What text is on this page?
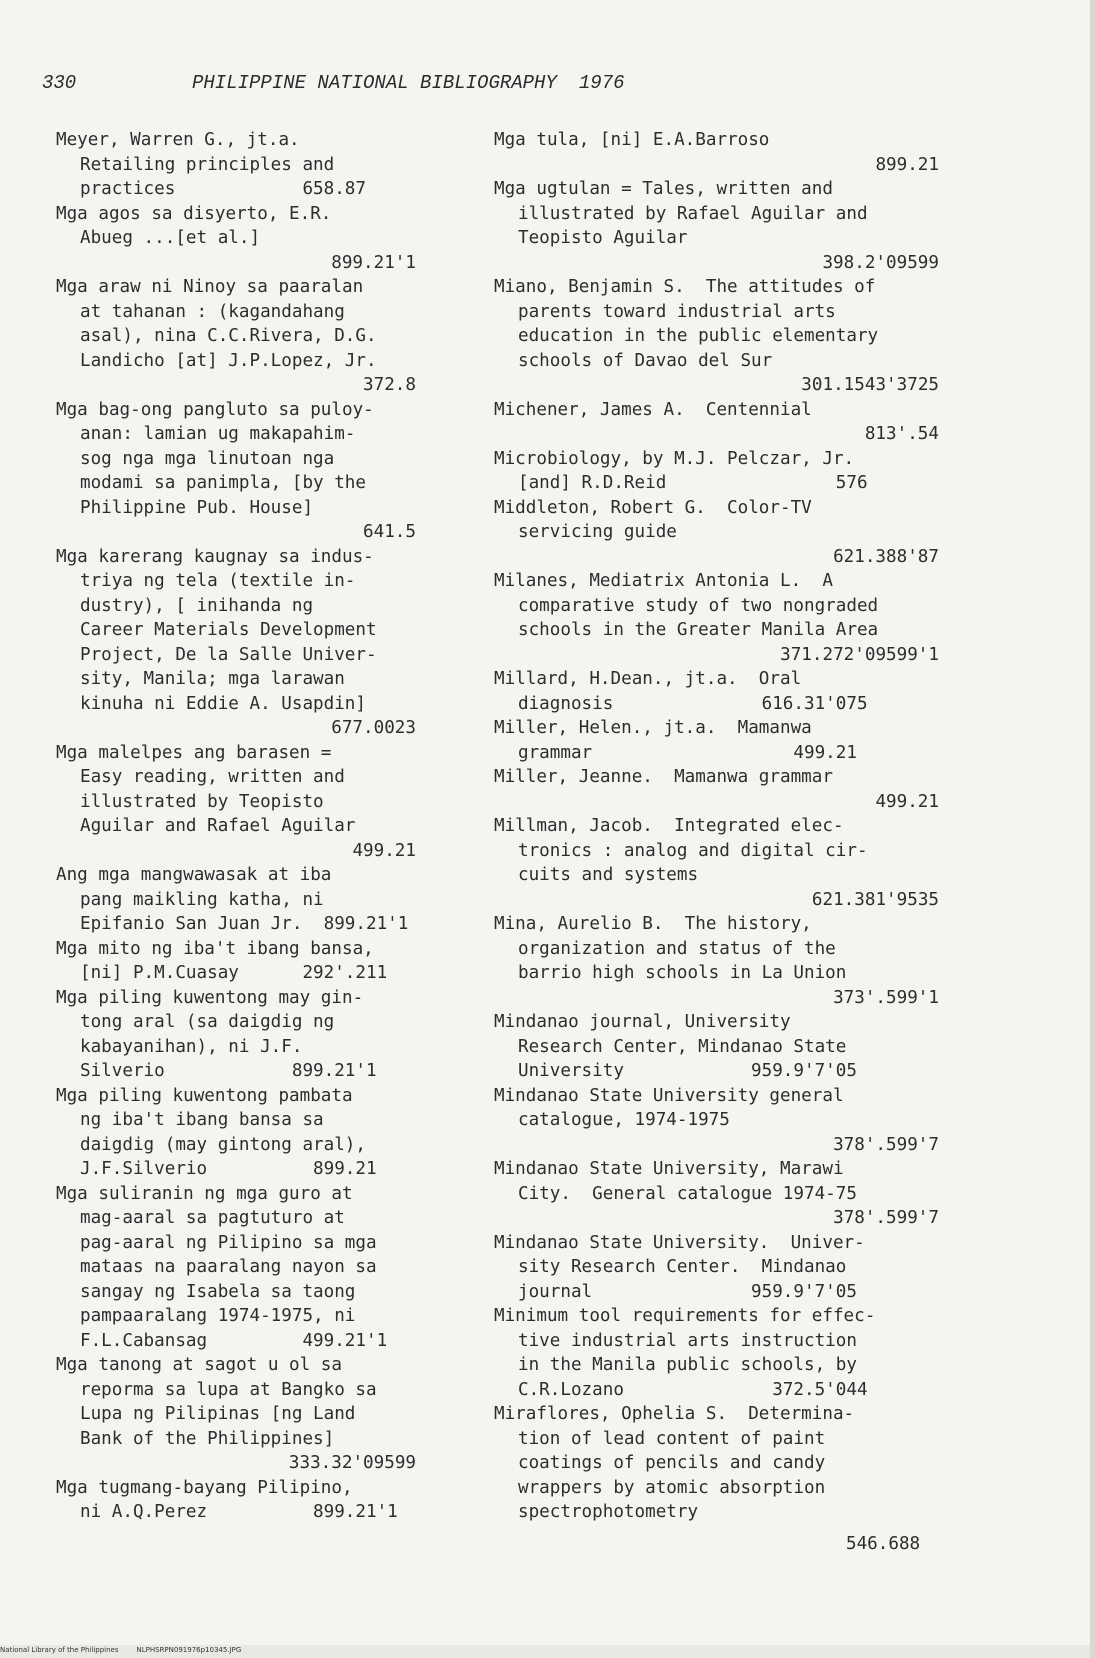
330	PHILIPPINE NATIONAL BIBLIOGRAPHY 1976
Meyer, Warren G., jt.a.
Retailing principles and
practices            658.87
Mga agos sa disyerto, E.R.
Abueg ...[et al.]
899.21'1
Mga araw ni Ninoy sa paaralan
at tahanan : (kagandahang
asal), nina C.C.Rivera, D.G.
Landicho [at] J.P.Lopez, Jr.
372.8
Mga bag-ong pangluto sa puloy-
anan: lamian ug makapahim-
sog nga mga linutoan nga
modami sa panimpla, [by the
Philippine Pub. House]
641.5
Mga karerang kaugnay sa indus-
triya ng tela (textile in-
dustry), [ inihanda ng
Career Materials Development
Project, De la Salle Univer-
sity, Manila; mga larawan
kinuha ni Eddie A. Usapdin]
677.0023
Mga malelpes ang barasen =
Easy reading, written and
illustrated by Teopisto
Aguilar and Rafael Aguilar
499.21
Ang mga mangwawasak at iba
pang maikling katha, ni
Epifanio San Juan Jr.  899.21'1
Mga mito ng iba't ibang bansa,
[ni] P.M.Cuasay      292'.211
Mga piling kuwentong may gin-
tong aral (sa daigdig ng
kabayanihan), ni J.F.
Silverio            899.21'1
Mga piling kuwentong pambata
ng iba't ibang bansa sa
daigdig (may gintong aral),
J.F.Silverio          899.21
Mga suliranin ng mga guro at
mag-aaral sa pagtuturo at
pag-aaral ng Pilipino sa mga
mataas na paaralang nayon sa
sangay ng Isabela sa taong
pampaaralang 1974-1975, ni
F.L.Cabansag         499.21'1
Mga tanong at sagot u ol sa
reporma sa lupa at Bangko sa
Lupa ng Pilipinas [ng Land
Bank of the Philippines]
333.32'09599
Mga tugmang-bayang Pilipino,
ni A.Q.Perez          899.21'1
Mga tula, [ni] E.A.Barroso
899.21
Mga ugtulan = Tales, written and
illustrated by Rafael Aguilar and
Teopisto Aguilar
398.2'09599
Miano, Benjamin S.  The attitudes of
parents toward industrial arts
education in the public elementary
schools of Davao del Sur
301.1543'3725
Michener, James A.  Centennial
813'.54
Microbiology, by M.J. Pelczar, Jr.
[and] R.D.Reid                576
Middleton, Robert G.  Color-TV
servicing guide
621.388'87
Milanes, Mediatrix Antonia L.  A
comparative study of two nongraded
schools in the Greater Manila Area
371.272'09599'1
Millard, H.Dean., jt.a.  Oral
diagnosis              616.31'075
Miller, Helen., jt.a.  Mamanwa
grammar                   499.21
Miller, Jeanne.  Mamanwa grammar
499.21
Millman, Jacob.  Integrated elec-
tronics : analog and digital cir-
cuits and systems
621.381'9535
Mina, Aurelio B.  The history,
organization and status of the
barrio high schools in La Union
373'.599'1
Mindanao journal, University
Research Center, Mindanao State
University            959.9'7'05
Mindanao State University general
catalogue, 1974-1975
378'.599'7
Mindanao State University, Marawi
City.  General catalogue 1974-75
378'.599'7
Mindanao State University.  Univer-
sity Research Center.  Mindanao
journal               959.9'7'05
Minimum tool requirements for effec-
tive industrial arts instruction
in the Manila public schools, by
C.R.Lozano              372.5'044
Miraflores, Ophelia S.  Determina-
tion of lead content of paint
coatings of pencils and candy
wrappers by atomic absorption
spectrophotometry
546.688
National Library of the Philippines	NLPHSRPN091976p10345.JPG
